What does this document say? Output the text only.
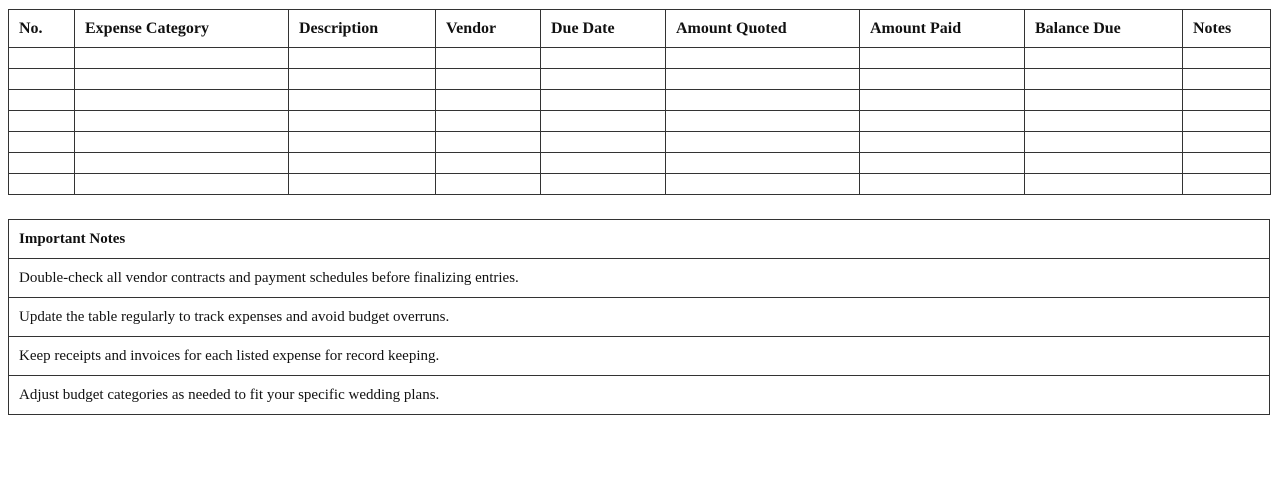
No.	Expense Category	Description	Vendor	Due Date	Amount Quoted	Amount Paid	Balance Due	Notes

Important Notes
Double-check all vendor contracts and payment schedules before finalizing entries.
Update the table regularly to track expenses and avoid budget overruns.
Keep receipts and invoices for each listed expense for record keeping.
Adjust budget categories as needed to fit your specific wedding plans.
